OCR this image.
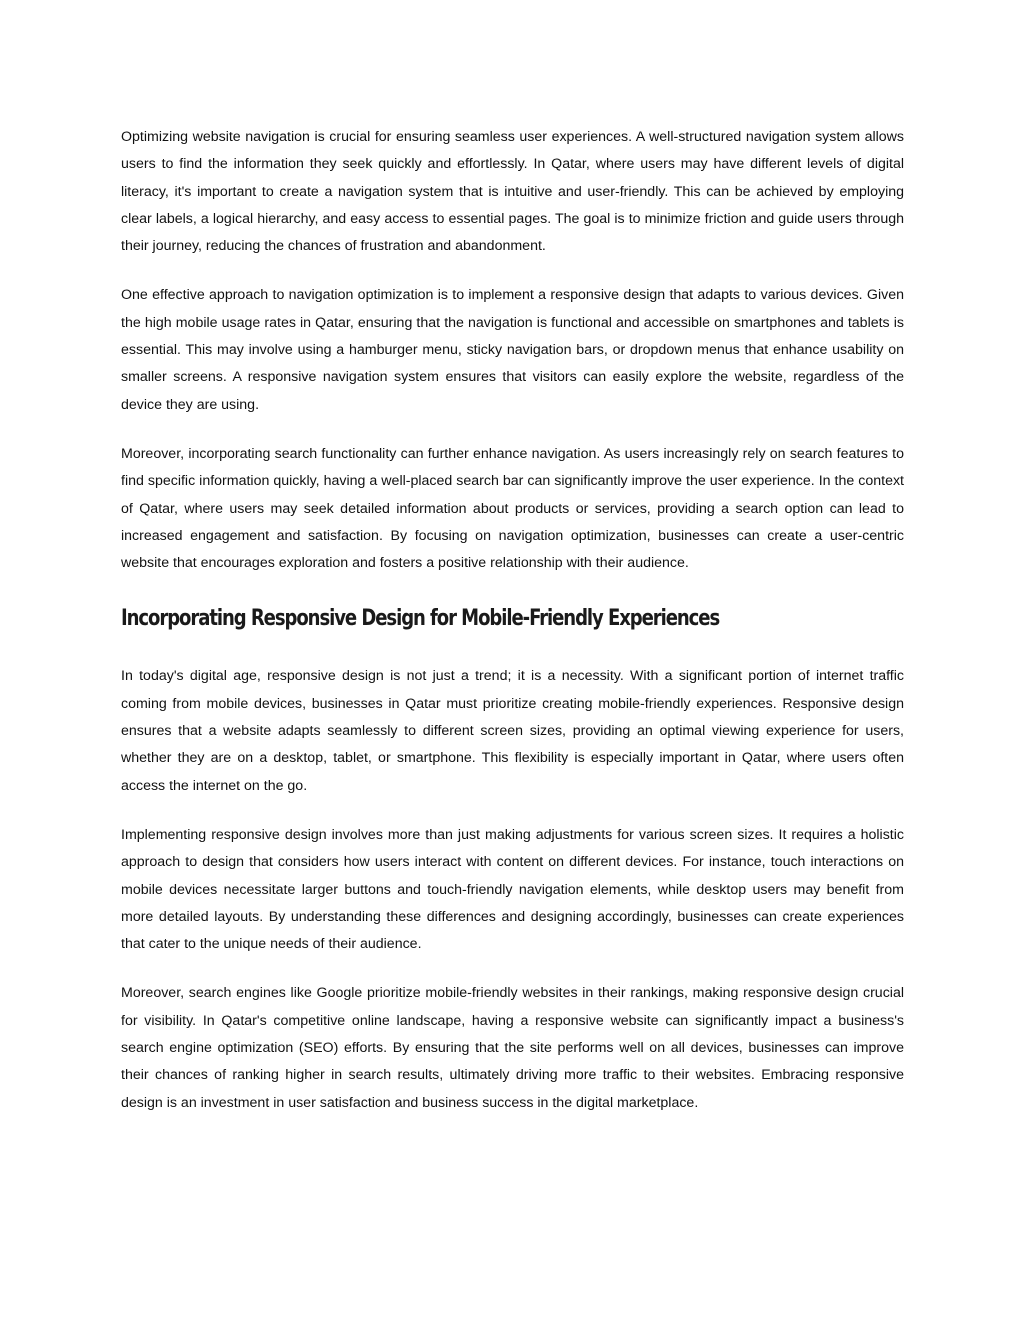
Optimizing website navigation is crucial for ensuring seamless user experiences. A well-structured navigation system allows users to find the information they seek quickly and effortlessly. In Qatar, where users may have different levels of digital literacy, it's important to create a navigation system that is intuitive and user-friendly. This can be achieved by employing clear labels, a logical hierarchy, and easy access to essential pages. The goal is to minimize friction and guide users through their journey, reducing the chances of frustration and abandonment.

One effective approach to navigation optimization is to implement a responsive design that adapts to various devices. Given the high mobile usage rates in Qatar, ensuring that the navigation is functional and accessible on smartphones and tablets is essential. This may involve using a hamburger menu, sticky navigation bars, or dropdown menus that enhance usability on smaller screens. A responsive navigation system ensures that visitors can easily explore the website, regardless of the device they are using.

Moreover, incorporating search functionality can further enhance navigation. As users increasingly rely on search features to find specific information quickly, having a well-placed search bar can significantly improve the user experience. In the context of Qatar, where users may seek detailed information about products or services, providing a search option can lead to increased engagement and satisfaction. By focusing on navigation optimization, businesses can create a user-centric website that encourages exploration and fosters a positive relationship with their audience.

Incorporating Responsive Design for Mobile-Friendly Experiences

In today's digital age, responsive design is not just a trend; it is a necessity. With a significant portion of internet traffic coming from mobile devices, businesses in Qatar must prioritize creating mobile-friendly experiences. Responsive design ensures that a website adapts seamlessly to different screen sizes, providing an optimal viewing experience for users, whether they are on a desktop, tablet, or smartphone. This flexibility is especially important in Qatar, where users often access the internet on the go.

Implementing responsive design involves more than just making adjustments for various screen sizes. It requires a holistic approach to design that considers how users interact with content on different devices. For instance, touch interactions on mobile devices necessitate larger buttons and touch-friendly navigation elements, while desktop users may benefit from more detailed layouts. By understanding these differences and designing accordingly, businesses can create experiences that cater to the unique needs of their audience.

Moreover, search engines like Google prioritize mobile-friendly websites in their rankings, making responsive design crucial for visibility. In Qatar's competitive online landscape, having a responsive website can significantly impact a business's search engine optimization (SEO) efforts. By ensuring that the site performs well on all devices, businesses can improve their chances of ranking higher in search results, ultimately driving more traffic to their websites. Embracing responsive design is an investment in user satisfaction and business success in the digital marketplace.
